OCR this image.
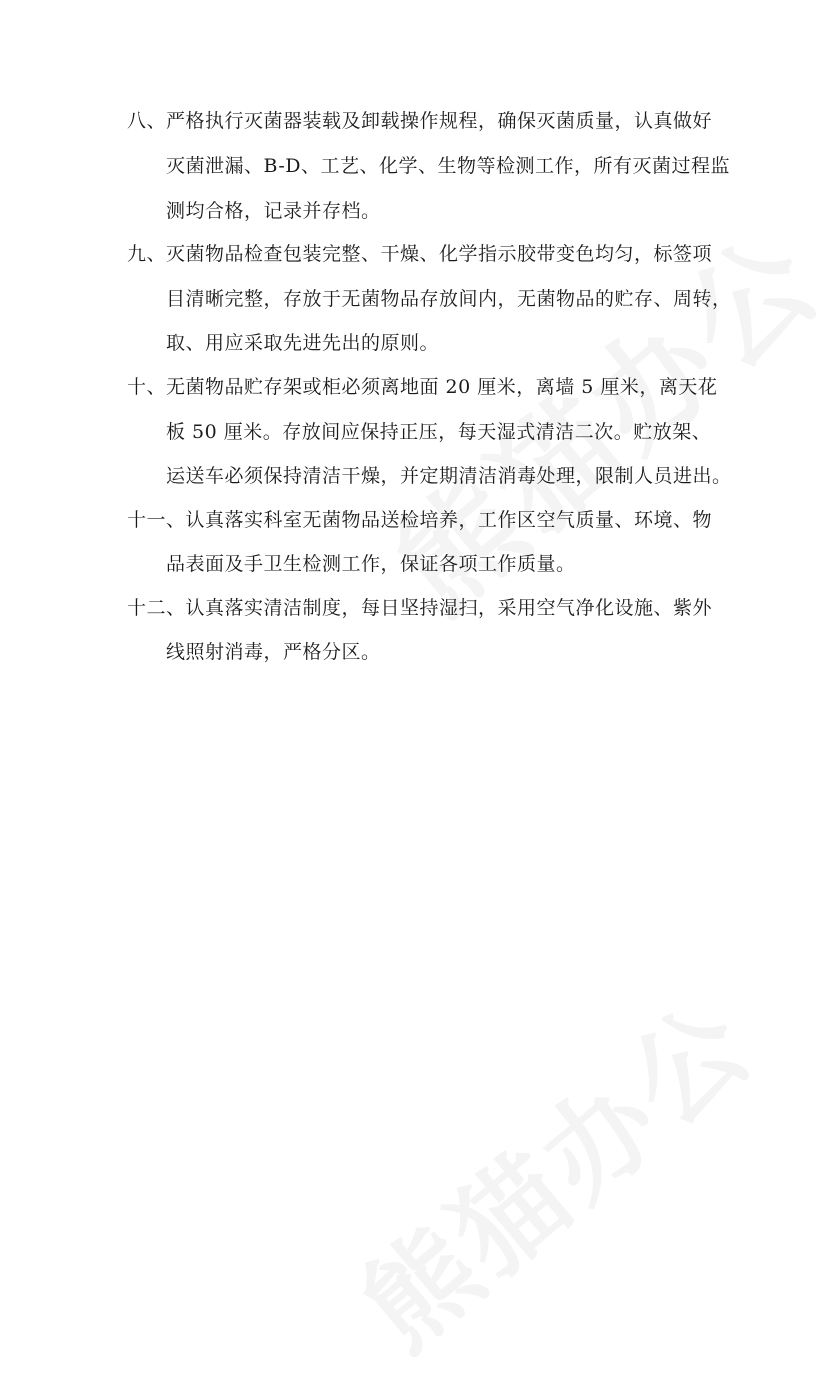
八、严格执行灭菌器装载及卸载操作规程，确保灭菌质量，认真做好
灭菌泄漏、B-D、工艺、化学、生物等检测工作，所有灭菌过程监
测均合格，记录并存档。
九、灭菌物品检查包装完整、干燥、化学指示胶带变色均匀，标签项
目清晰完整，存放于无菌物品存放间内，无菌物品的贮存、周转，
取、用应采取先进先出的原则。
十、无菌物品贮存架或柜必须离地面 20 厘米，离墙 5 厘米，离天花
板 50 厘米。存放间应保持正压，每天湿式清洁二次。贮放架、
运送车必须保持清洁干燥，并定期清洁消毒处理，限制人员进出。
十一、认真落实科室无菌物品送检培养，工作区空气质量、环境、物
品表面及手卫生检测工作，保证各项工作质量。
十二、认真落实清洁制度，每日坚持湿扫，采用空气净化设施、紫外
线照射消毒，严格分区。
